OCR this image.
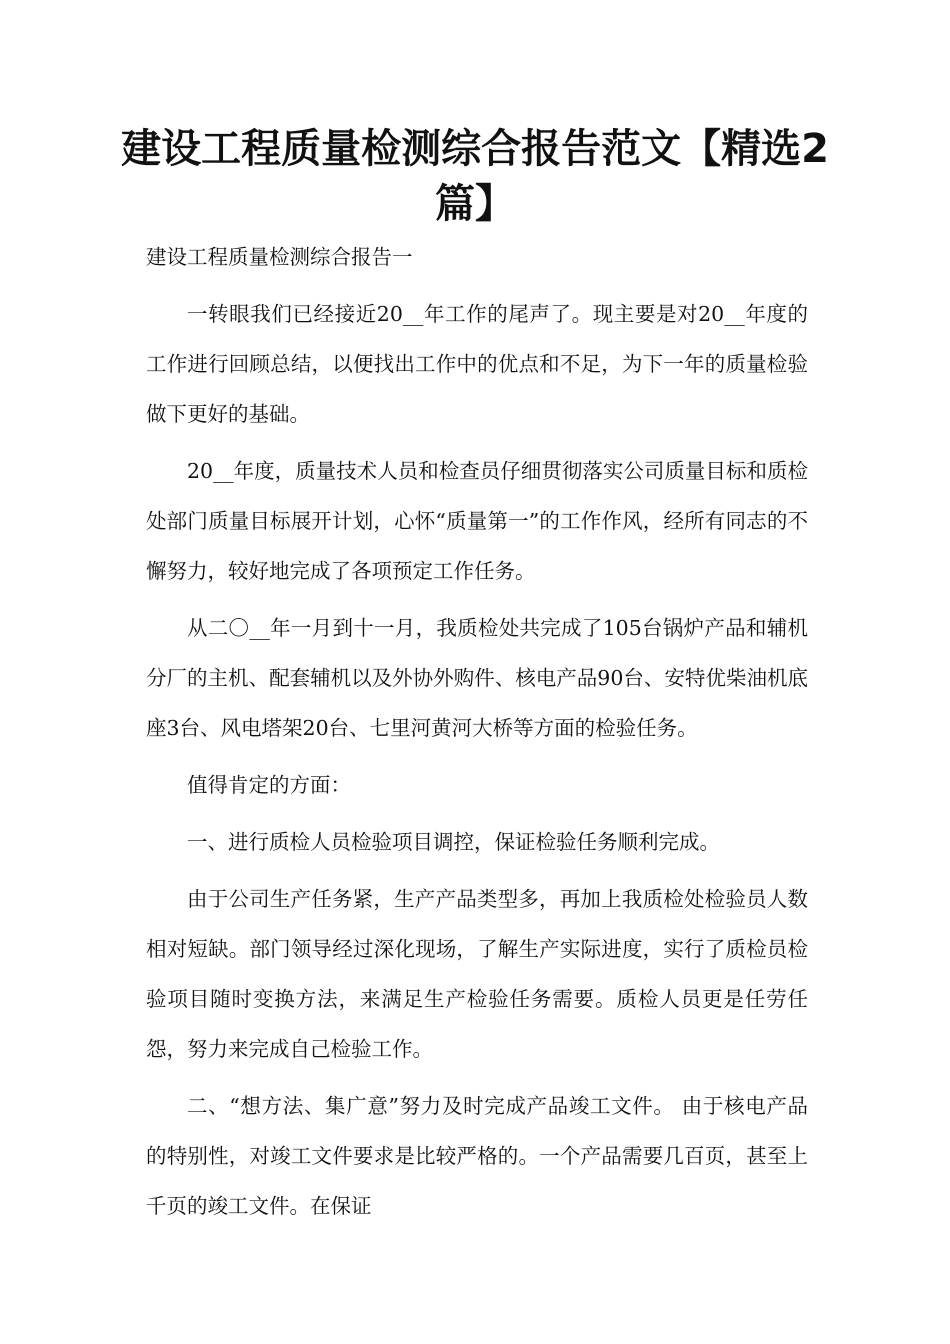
建设工程质量检测综合报告范文【精选2篇】

建设工程质量检测综合报告一

一转眼我们已经接近20__年工作的尾声了。现主要是对20__年度的工作进行回顾总结，以便找出工作中的优点和不足，为下一年的质量检验做下更好的基础。

20__年度，质量技术人员和检查员仔细贯彻落实公司质量目标和质检处部门质量目标展开计划，心怀“质量第一”的工作作风，经所有同志的不懈努力，较好地完成了各项预定工作任务。

从二〇__年一月到十一月，我质检处共完成了105台锅炉产品和辅机分厂的主机、配套辅机以及外协外购件、核电产品90台、安特优柴油机底座3台、风电塔架20台、七里河黄河大桥等方面的检验任务。

值得肯定的方面：

一、进行质检人员检验项目调控，保证检验任务顺利完成。

由于公司生产任务紧，生产产品类型多，再加上我质检处检验员人数相对短缺。部门领导经过深化现场，了解生产实际进度，实行了质检员检验项目随时变换方法，来满足生产检验任务需要。质检人员更是任劳任怨，努力来完成自己检验工作。

二、“想方法、集广意”努力及时完成产品竣工文件。 由于核电产品的特别性，对竣工文件要求是比较严格的。一个产品需要几百页，甚至上千页的竣工文件。在保证
